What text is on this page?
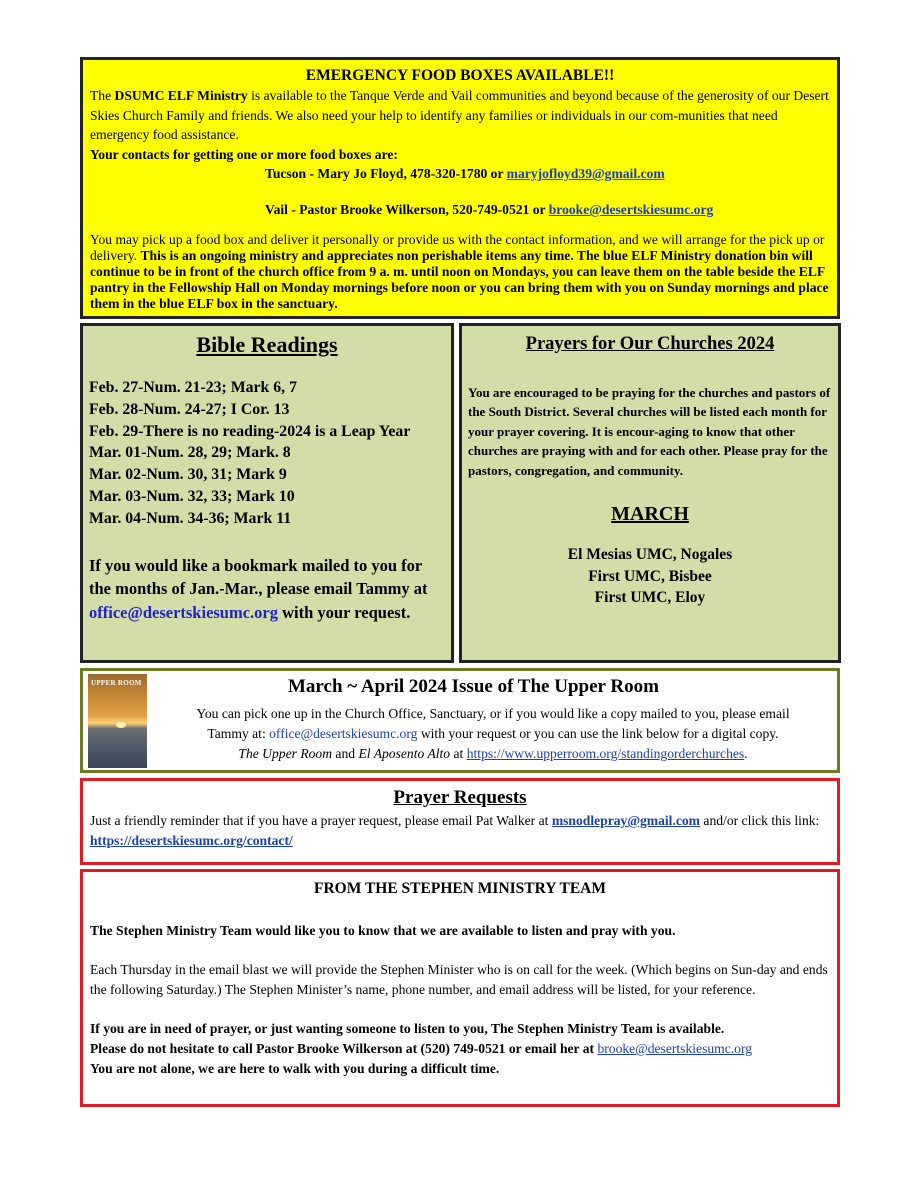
EMERGENCY FOOD BOXES AVAILABLE!!

The DSUMC ELF Ministry is available to the Tanque Verde and Vail communities and beyond because of the generosity of our Desert Skies Church Family and friends. We also need your help to identify any families or individuals in our com-munities that need emergency food assistance.

Your contacts for getting one or more food boxes are:

Tucson - Mary Jo Floyd, 478-320-1780 or maryjofloyd39@gmail.com

Vail - Pastor Brooke Wilkerson, 520-749-0521 or brooke@desertskiesumc.org

You may pick up a food box and deliver it personally or provide us with the contact information, and we will arrange for the pick up or delivery. This is an ongoing ministry and appreciates non perishable items any time. The blue ELF Ministry donation bin will continue to be in front of the church office from 9 a. m. until noon on Mondays, you can leave them on the table beside the ELF pantry in the Fellowship Hall on Monday mornings before noon or you can bring them with you on Sunday mornings and place them in the blue ELF box in the sanctuary.

Bible Readings

Feb. 27-Num. 21-23; Mark 6, 7
Feb. 28-Num. 24-27; I Cor. 13
Feb. 29-There is no reading-2024 is a Leap Year
Mar. 01-Num. 28, 29; Mark. 8
Mar. 02-Num. 30, 31; Mark 9
Mar. 03-Num. 32, 33; Mark 10
Mar. 04-Num. 34-36; Mark 11

If you would like a bookmark mailed to you for the months of Jan.-Mar., please email Tammy at office@desertskiesumc.org with your request.

Prayers for Our Churches 2024

You are encouraged to be praying for the churches and pastors of the South District. Several churches will be listed each month for your prayer covering. It is encour-aging to know that other churches are praying with and for each other. Please pray for the pastors, congregation, and community.

MARCH

El Mesias UMC, Nogales
First UMC, Bisbee
First UMC, Eloy
UPPER ROOM	March ~ April 2024 Issue of The Upper Room
You can pick one up in the Church Office, Sanctuary, or if you would like a copy mailed to you, please email
Tammy at: office@desertskiesumc.org with your request or you can use the link below for a digital copy.
The Upper Room and El Aposento Alto at https://www.upperroom.org/standingorderchurches.

Prayer Requests

Just a friendly reminder that if you have a prayer request, please email Pat Walker at msnodlepray@gmail.com and/or click this link: https://desertskiesumc.org/contact/

FROM THE STEPHEN MINISTRY TEAM

The Stephen Ministry Team would like you to know that we are available to listen and pray with you.

Each Thursday in the email blast we will provide the Stephen Minister who is on call for the week. (Which begins on Sun-day and ends the following Saturday.) The Stephen Minister’s name, phone number, and email address will be listed, for your reference.

If you are in need of prayer, or just wanting someone to listen to you, The Stephen Ministry Team is available.

Please do not hesitate to call Pastor Brooke Wilkerson at (520) 749-0521 or email her at brooke@desertskiesumc.org

You are not alone, we are here to walk with you during a difficult time.
